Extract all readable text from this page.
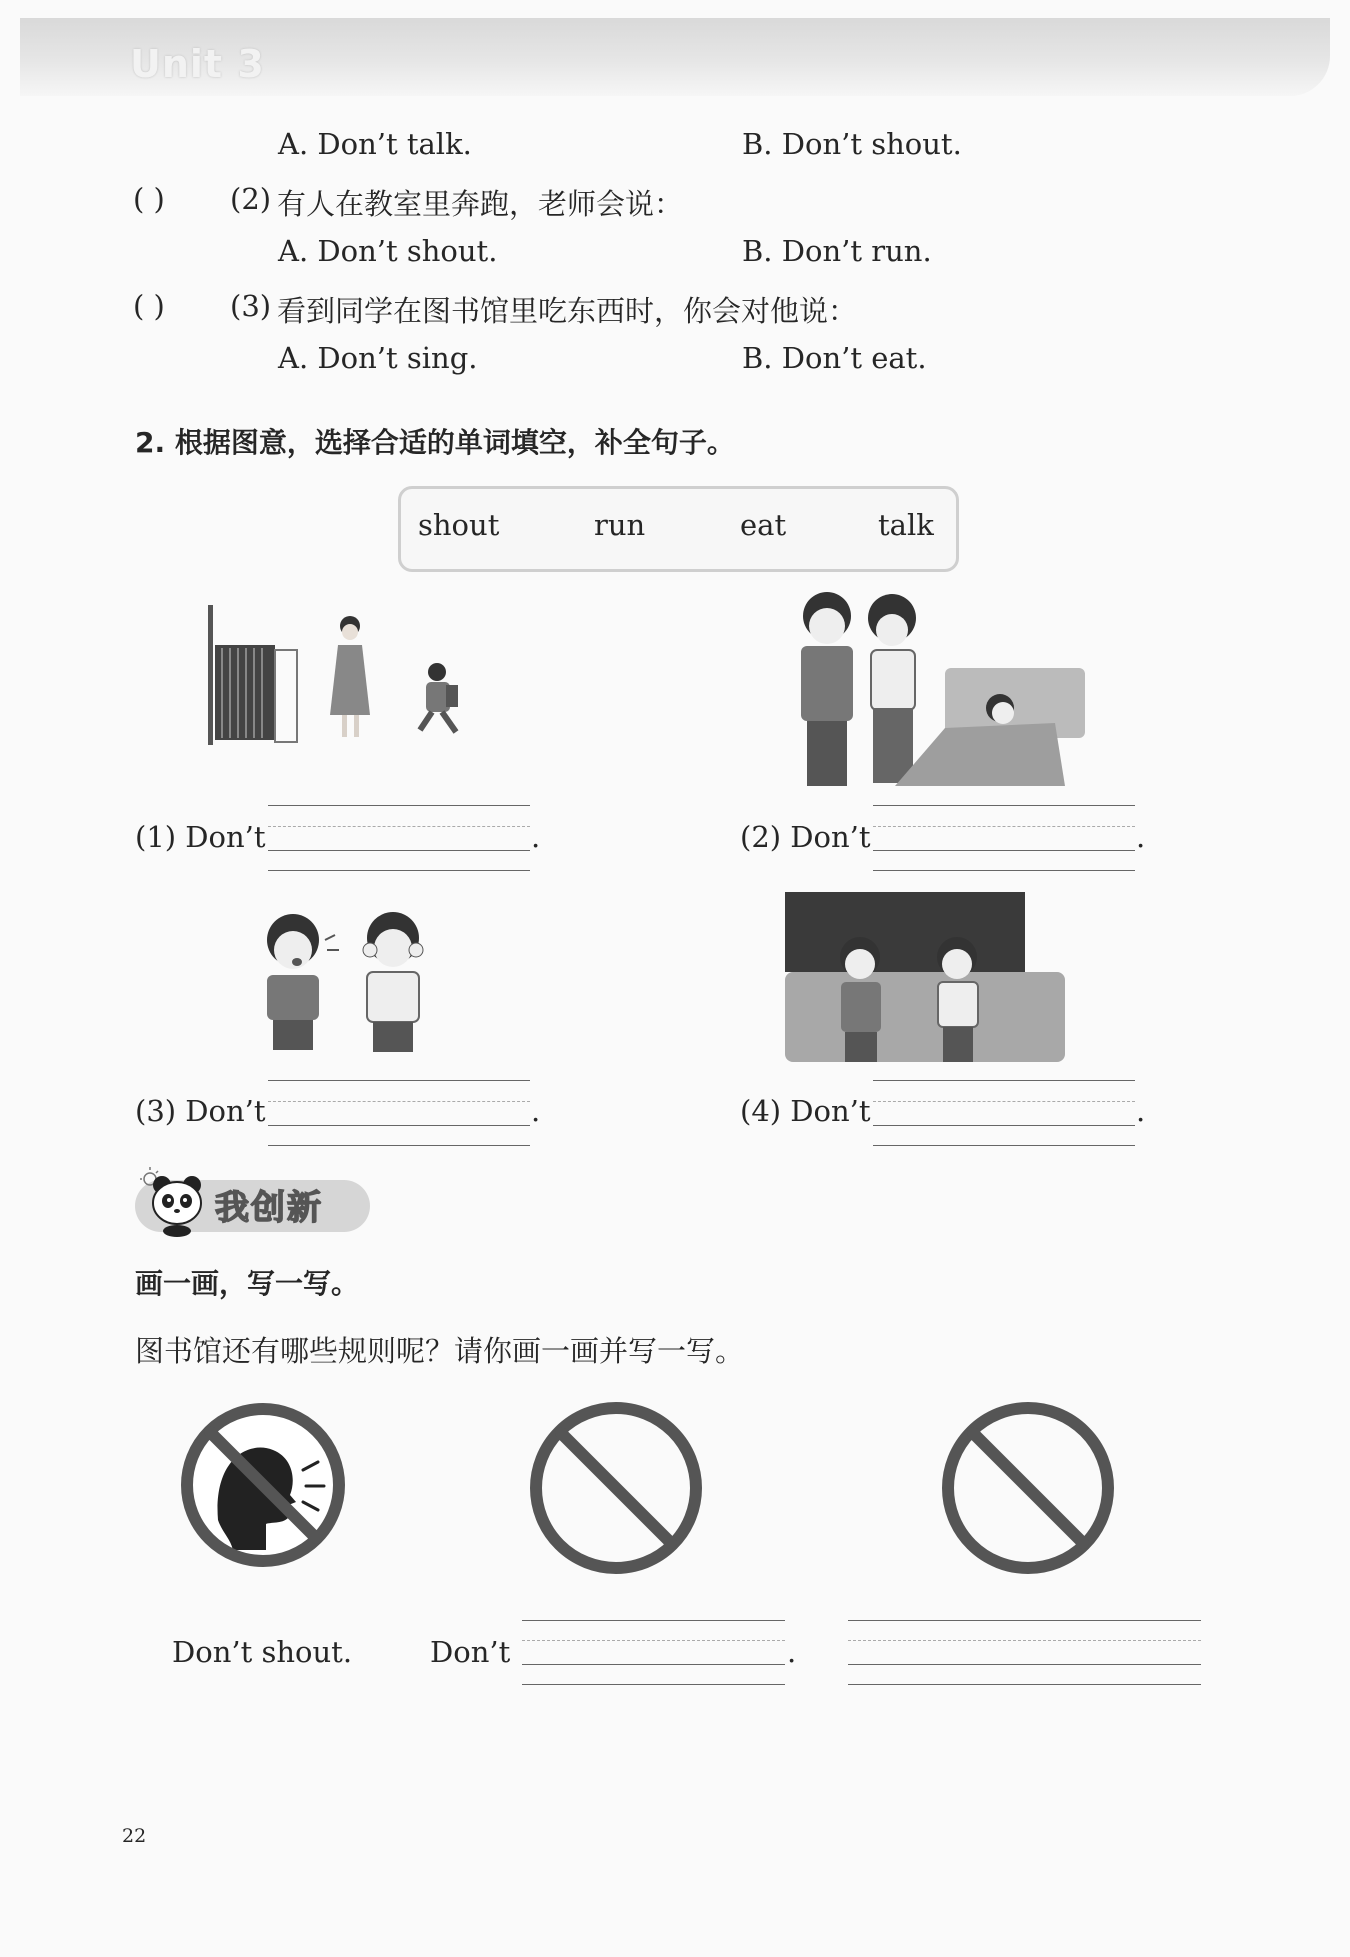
Unit 3
A. Don’t talk.	B. Don’t shout.
( ) (2) 有人在教室里奔跑，老师会说：
A. Don’t shout.	B. Don’t run.
( ) (3) 看到同学在图书馆里吃东西时，你会对他说：
A. Don’t sing.	B. Don’t eat.
2. 根据图意，选择合适的单词填空，补全句子。
shout	run	eat	talk
(1) Don’t	.	(2) Don’t	.
(3) Don’t	.	(4) Don’t	.
我创新
画一画，写一写。
图书馆还有哪些规则呢？请你画一画并写一写。
Don’t shout.	Don’t	.
22
